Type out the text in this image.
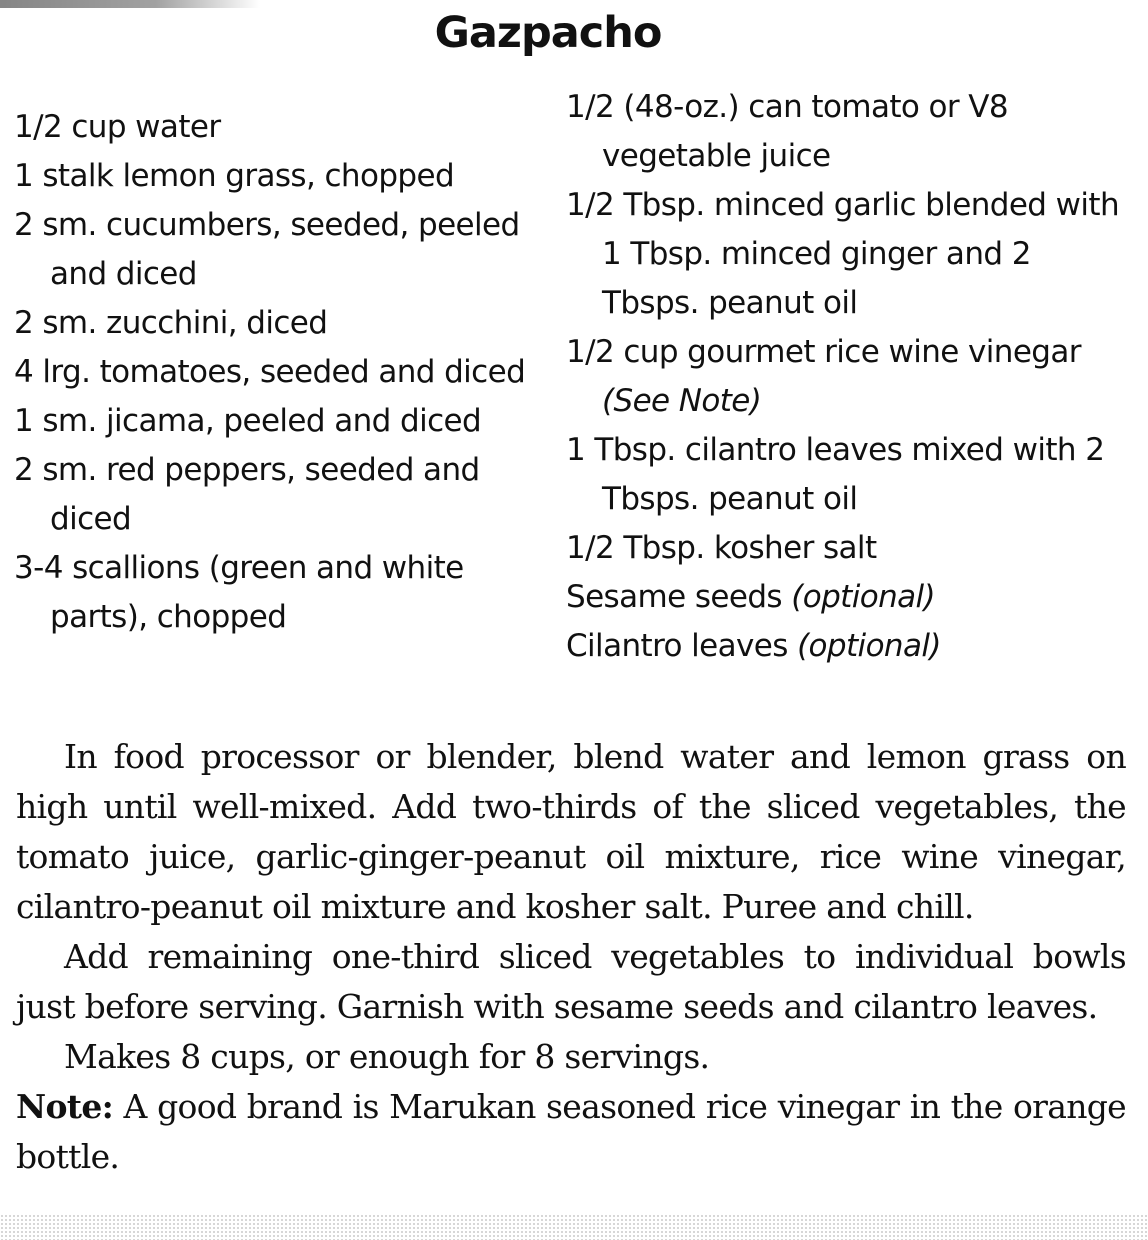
Gazpacho

1/2 cup water

1 stalk lemon grass, chopped

2 sm. cucumbers, seeded, peeled and diced

2 sm. zucchini, diced

4 lrg. tomatoes, seeded and diced

1 sm. jicama, peeled and diced

2 sm. red peppers, seeded and diced

3-4 scallions (green and white parts), chopped

1/2 (48-oz.) can tomato or V8 vegetable juice

1/2 Tbsp. minced garlic blended with 1 Tbsp. minced ginger and 2 Tbsps. peanut oil

1/2 cup gourmet rice wine vinegar (See Note)

1 Tbsp. cilantro leaves mixed with 2 Tbsps. peanut oil

1/2 Tbsp. kosher salt

Sesame seeds (optional)

Cilantro leaves (optional)

In food processor or blender, blend water and lemon grass on high until well-mixed. Add two-thirds of the sliced vegetables, the tomato juice, garlic-ginger-peanut oil mixture, rice wine vinegar, cilantro-peanut oil mixture and kosher salt. Puree and chill.

Add remaining one-third sliced vegetables to individual bowls just before serving. Garnish with sesame seeds and cilantro leaves.

Makes 8 cups, or enough for 8 servings.

Note: A good brand is Marukan seasoned rice vinegar in the orange bottle.
